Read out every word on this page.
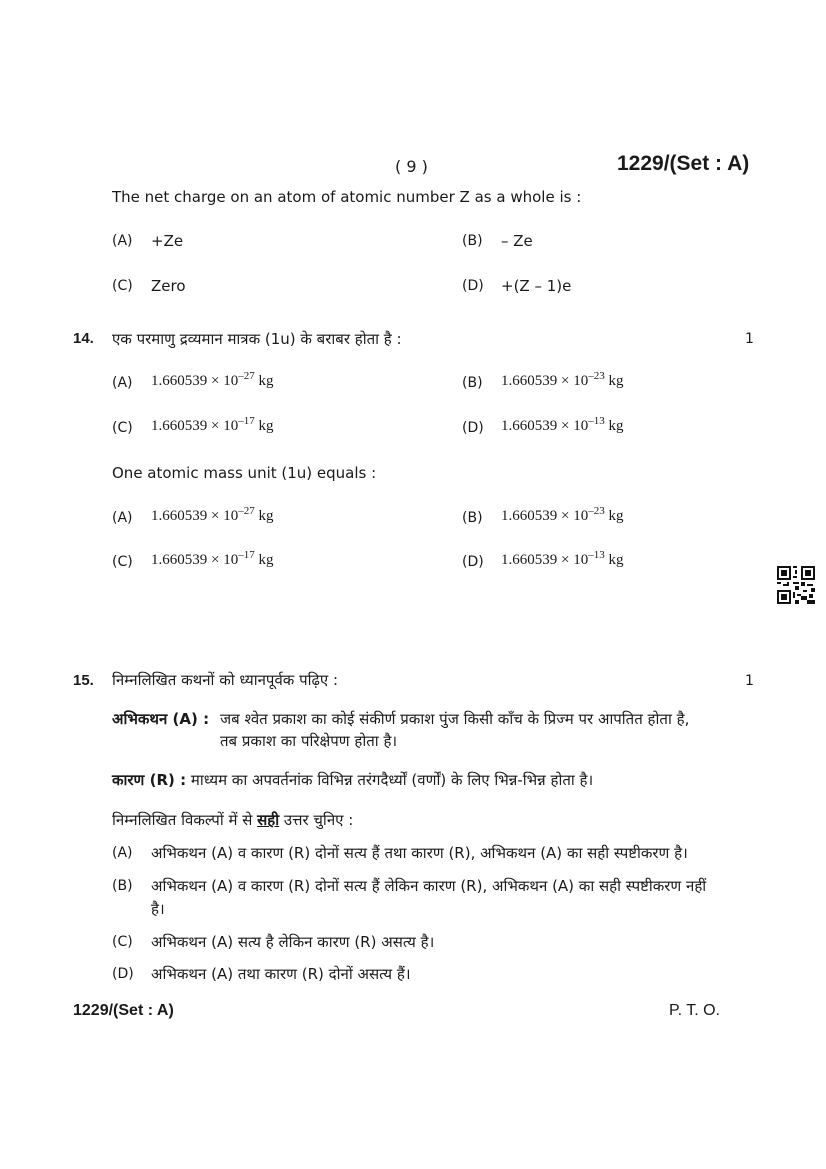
( 9 )	1229/(Set : A)
The net charge on an atom of atomic number Z as a whole is :
(A) +Ze	(B) – Ze
(C) Zero	(D) +(Z – 1)e
14. एक परमाणु द्रव्यमान मात्रक (1u) के बराबर होता है :	1
(A) $1.660539 \times 10^{-27}$ kg	(B) $1.660539 \times 10^{-23}$ kg
(C) $1.660539 \times 10^{-17}$ kg	(D) $1.660539 \times 10^{-13}$ kg
One atomic mass unit (1u) equals :
(A) $1.660539 \times 10^{-27}$ kg	(B) $1.660539 \times 10^{-23}$ kg
(C) $1.660539 \times 10^{-17}$ kg	(D) $1.660539 \times 10^{-13}$ kg
15. निम्नलिखित कथनों को ध्यानपूर्वक पढ़िए :	1
अभिकथन (A) : जब श्वेत प्रकाश का कोई संकीर्ण प्रकाश पुंज किसी काँच के प्रिज्म पर आपतित होता है,
तब प्रकाश का परिक्षेपण होता है।
कारण (R) : माध्यम का अपवर्तनांक विभिन्न तरंगदैर्ध्यों (वर्णों) के लिए भिन्न-भिन्न होता है।
निम्नलिखित विकल्पों में से सही उत्तर चुनिए :
(A) अभिकथन (A) व कारण (R) दोनों सत्य हैं तथा कारण (R), अभिकथन (A) का सही स्पष्टीकरण है।
(B) अभिकथन (A) व कारण (R) दोनों सत्य हैं लेकिन कारण (R), अभिकथन (A) का सही स्पष्टीकरण नहीं
है।
(C) अभिकथन (A) सत्य है लेकिन कारण (R) असत्य है।
(D) अभिकथन (A) तथा कारण (R) दोनों असत्य हैं।
1229/(Set : A)	P. T. O.
